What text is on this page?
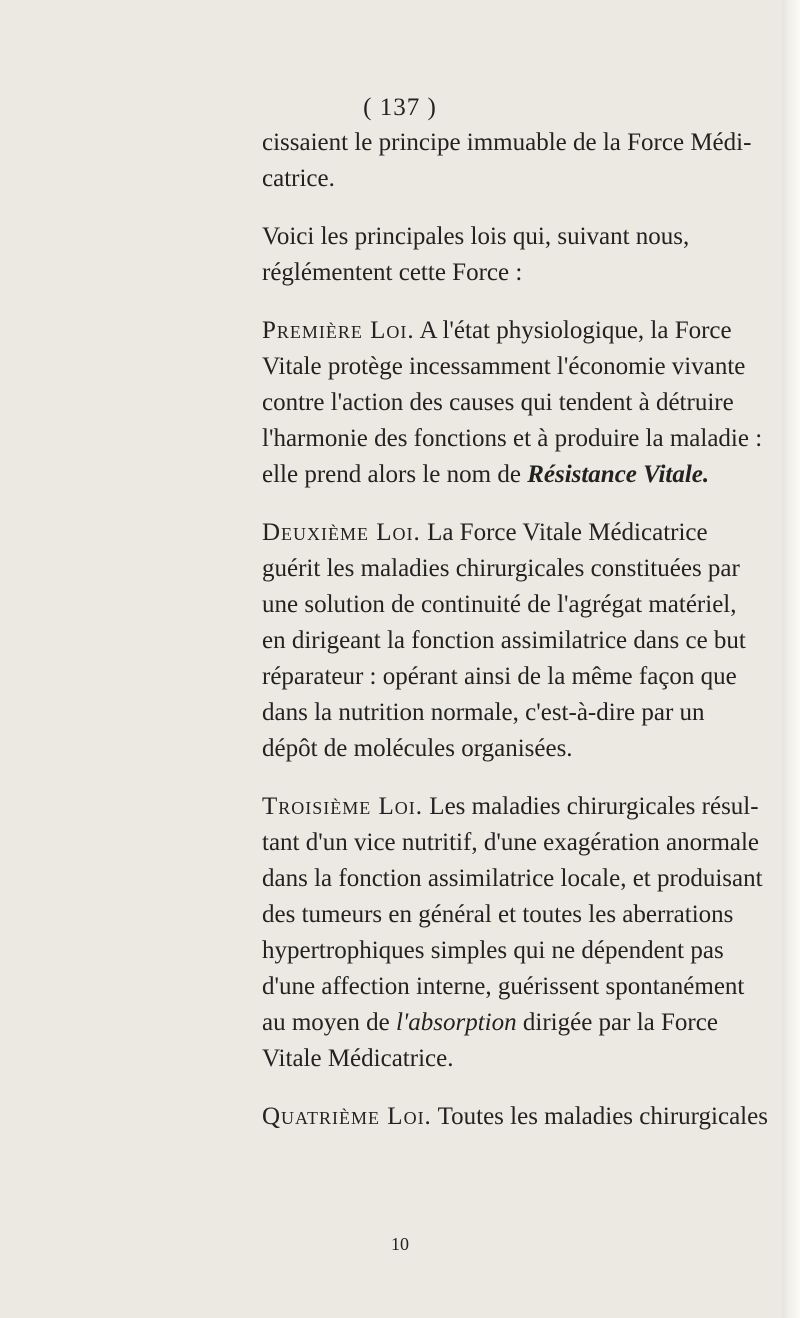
( 137 )

cissaient le principe immuable de la Force Médi-
catrice.

Voici les principales lois qui, suivant nous,
réglémentent cette Force :

Première Loi. A l'état physiologique, la Force
Vitale protège incessamment l'économie vivante
contre l'action des causes qui tendent à détruire
l'harmonie des fonctions et à produire la maladie :
elle prend alors le nom de Résistance Vitale.

Deuxième Loi. La Force Vitale Médicatrice
guérit les maladies chirurgicales constituées par
une solution de continuité de l'agrégat matériel,
en dirigeant la fonction assimilatrice dans ce but
réparateur : opérant ainsi de la même façon que
dans la nutrition normale, c'est-à-dire par un
dépôt de molécules organisées.

Troisième Loi. Les maladies chirurgicales résul-
tant d'un vice nutritif, d'une exagération anormale
dans la fonction assimilatrice locale, et produisant
des tumeurs en général et toutes les aberrations
hypertrophiques simples qui ne dépendent pas
d'une affection interne, guérissent spontanément
au moyen de l'absorption dirigée par la Force
Vitale Médicatrice.

Quatrième Loi. Toutes les maladies chirurgicales

10
